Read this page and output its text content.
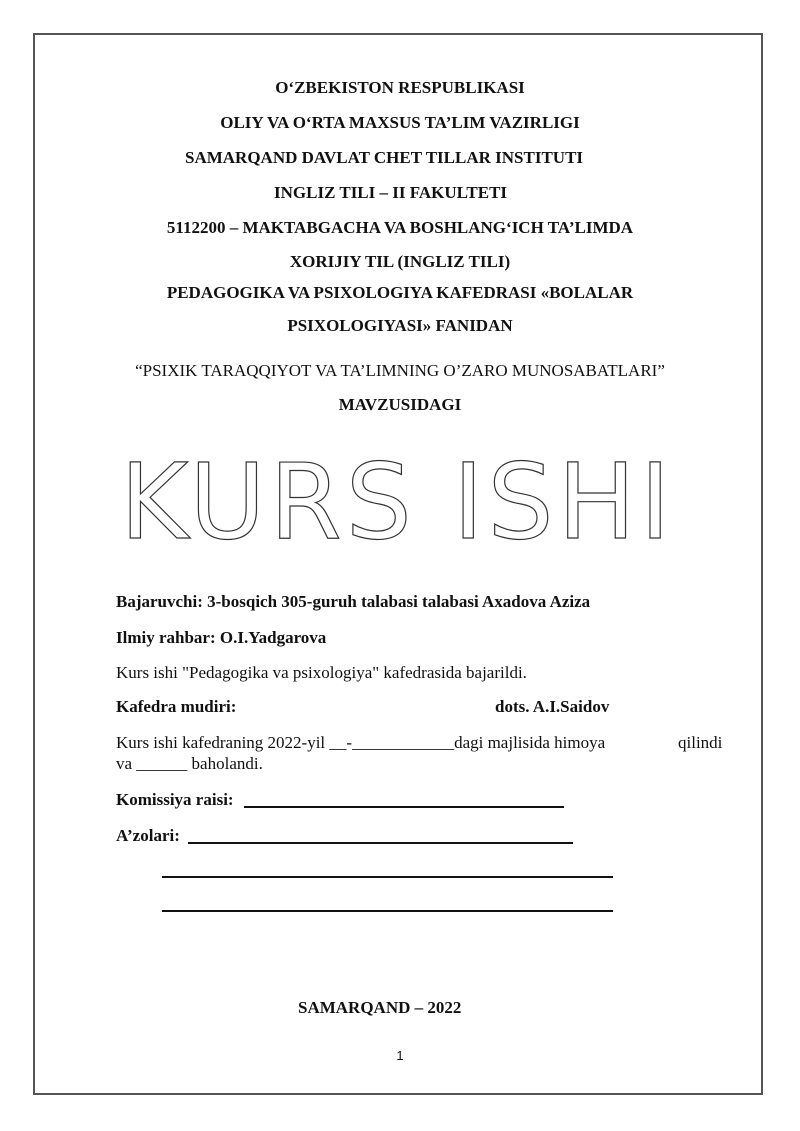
O‘ZBEKISTON RESPUBLIKASI
OLIY VA O‘RTA MAXSUS TA’LIM VAZIRLIGI
SAMARQAND DAVLAT CHET TILLAR INSTITUTI
INGLIZ TILI – II FAKULTETI
5112200 – MAKTABGACHA VA BOSHLANG‘ICH TA’LIMDA
XORIJIY TIL (INGLIZ TILI)
PEDAGOGIKA VA PSIXOLOGIYA KAFEDRASI «BOLALAR
PSIXOLOGIYASI» FANIDAN
“PSIXIK TARAQQIYOT VA TA’LIMNING O’ZARO MUNOSABATLARI”
MAVZUSIDAGI
KURS ISHI
Bajaruvchi: 3-bosqich 305-guruh talabasi talabasi Axadova Aziza
Ilmiy rahbar: O.I.Yadgarova
Kurs ishi "Pedagogika va psixologiya" kafedrasida bajarildi.
Kafedra mudiri:	dots. A.I.Saidov
Kurs ishi kafedraning 2022-yil __-____________dagi majlisida himoya	qilindi
va ______ baholandi.
Komissiya raisi:
A’zolari:
SAMARQAND – 2022
1
